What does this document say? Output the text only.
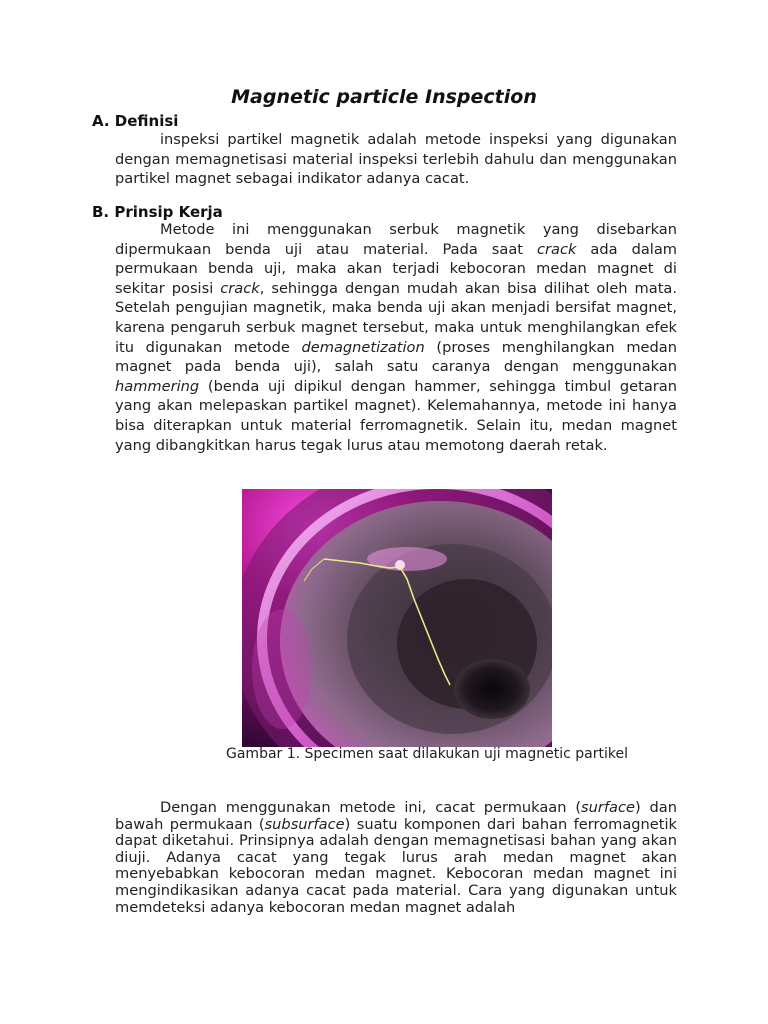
Magnetic particle Inspection
A. Definisi

inspeksi partikel magnetik adalah metode inspeksi yang digunakan dengan memagnetisasi material inspeksi terlebih dahulu dan menggunakan partikel magnet sebagai indikator adanya cacat.

B. Prinsip Kerja

Metode ini menggunakan serbuk magnetik yang disebarkan dipermukaan benda uji atau material. Pada saat crack ada dalam permukaan benda uji, maka akan terjadi kebocoran medan magnet di sekitar posisi crack, sehingga dengan mudah akan bisa dilihat oleh mata. Setelah pengujian magnetik, maka benda uji akan menjadi bersifat magnet, karena pengaruh serbuk magnet tersebut, maka untuk menghilangkan efek itu digunakan metode demagnetization (proses menghilangkan medan magnet pada benda uji), salah satu caranya dengan menggunakan hammering (benda uji dipikul dengan hammer, sehingga timbul getaran yang akan melepaskan partikel magnet). Kelemahannya, metode ini hanya bisa diterapkan untuk material ferromagnetik. Selain itu, medan magnet yang dibangkitkan harus tegak lurus atau memotong daerah retak.

Gambar 1. Specimen saat dilakukan uji magnetic partikel

Dengan menggunakan metode ini, cacat permukaan (surface) dan bawah permukaan (subsurface) suatu komponen dari bahan ferromagnetik dapat diketahui. Prinsipnya adalah dengan memagnetisasi bahan yang akan diuji. Adanya cacat yang tegak lurus arah medan magnet akan menyebabkan kebocoran medan magnet. Kebocoran medan magnet ini mengindikasikan adanya cacat pada material. Cara yang digunakan untuk memdeteksi adanya kebocoran medan magnet adalah
